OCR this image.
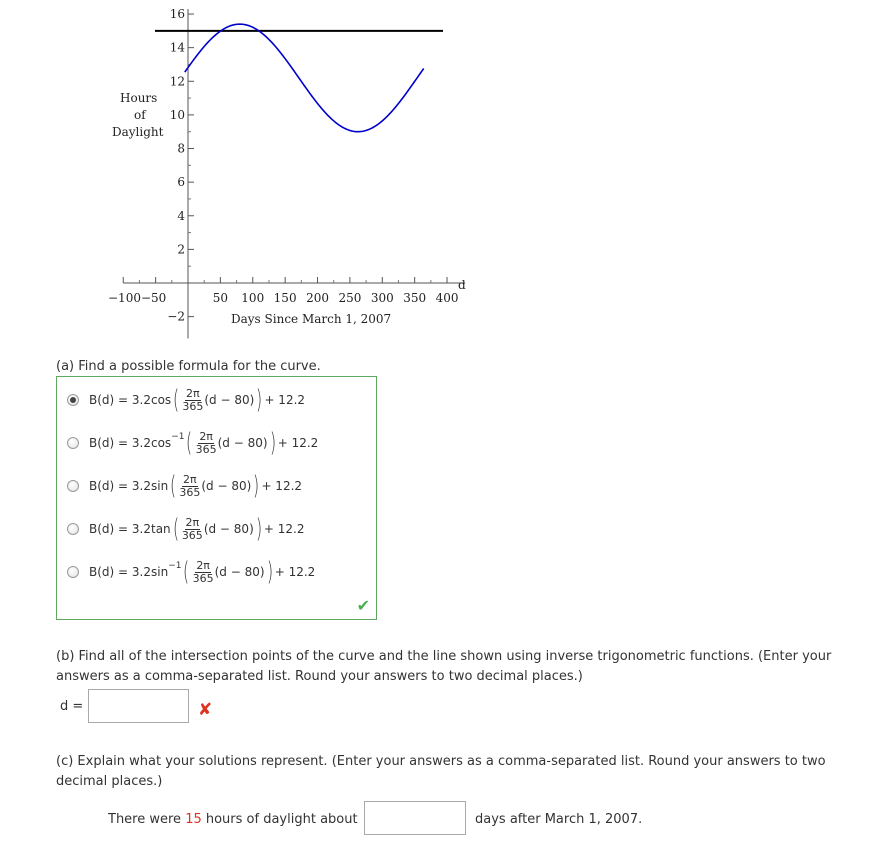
16
14
12
10
8
6
4
2
−2
−100−50	50 100 150 200 250 300 350 400
Hours
of
Daylight
d
Days Since March 1, 2007
(a) Find a possible formula for the curve.
B(d) = 3.2 cos ( $\frac{2\pi}{365} (d - 80)$ ) + 12.2
B(d) = 3.2 cos −1 ( $\frac{2\pi}{365} (d - 80)$ ) + 12.2
B(d) = 3.2 sin ( $\frac{2\pi}{365} (d - 80)$ ) + 12.2
B(d) = 3.2 tan ( $\frac{2\pi}{365} (d - 80)$ ) + 12.2
B(d) = 3.2 sin −1 ( $\frac{2\pi}{365} (d - 80)$ ) + 12.2
✔
(b) Find all of the intersection points of the curve and the line shown using inverse trigonometric functions. (Enter your
answers as a comma-separated list. Round your answers to two decimal places.)
d =	✘
(c) Explain what your solutions represent. (Enter your answers as a comma-separated list. Round your answers to two
decimal places.)
There were 15 hours of daylight about	days after March 1, 2007.
